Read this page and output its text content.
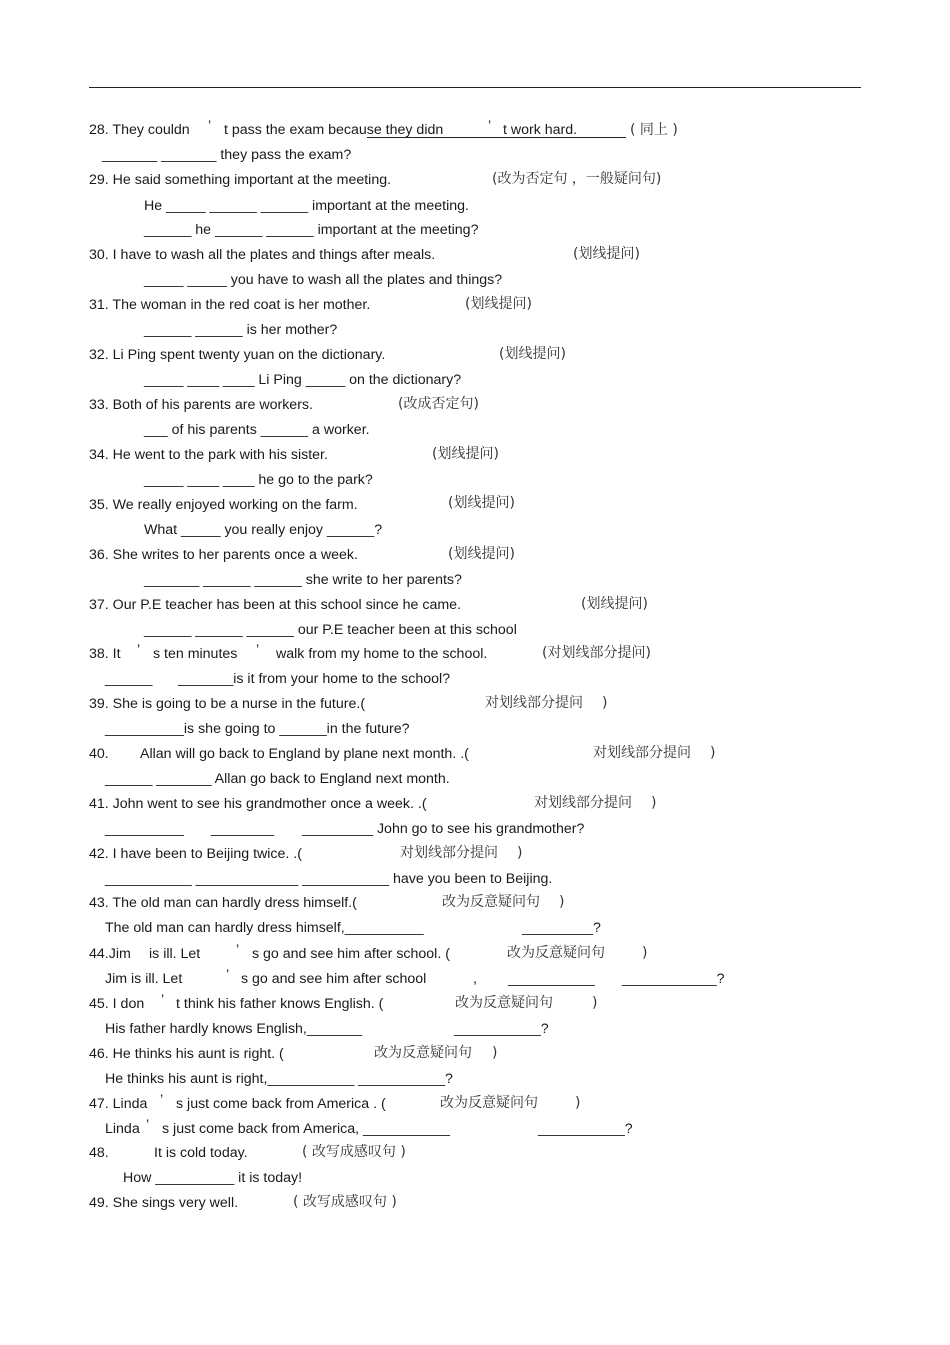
28. They couldn ’ t pass the exam because they didn	’ t work hard.	( 同上 )
_______ _______ they pass the exam?
29. He said something important at the meeting.	(改为否定句 ，一般疑问句)
He _____ ______ ______ important at the meeting.
______ he ______ ______ important at the meeting?
30. I have to wash all the plates and things after meals.	(划线提问)
_____ _____ you have to wash all the plates and things?
31. The woman in the red coat is her mother.	(划线提问)
______ ______ is her mother?
32. Li Ping spent twenty yuan on the dictionary.	(划线提问)
_____ ____ ____ Li Ping _____ on the dictionary?
33. Both of his parents are workers.	(改成否定句)
___ of his parents ______ a worker.
34. He went to the park with his sister.	(划线提问)
_____ ____ ____ he go to the park?
35. We really enjoyed working on the farm.	(划线提问)
What _____ you really enjoy ______?
36. She writes to her parents once a week.	(划线提问)
_______ ______ ______ she write to her parents?
37. Our P.E teacher has been at this school since he came.	(划线提问)
______ ______ ______ our P.E teacher been at this school
38. It ’ s ten minutes ’ walk from my home to the school.	(对划线部分提问)
______ _______is it from your home to the school?
39. She is going to be a nurse in the future.(	对划线部分提问 )
__________is she going to ______in the future?
40. Allan will go back to England by plane next month. .(	对划线部分提问 )
______ _______ Allan go back to England next month.
41. John went to see his grandmother once a week. .(	对划线部分提问 )
__________ ________ _________ John go to see his grandmother?
42. I have been to Beijing twice. .(	对划线部分提问 )
___________ _____________ ___________ have you been to Beijing.
43. The old man can hardly dress himself.(	改为反意疑问句 )
The old man can hardly dress himself,__________	_________?
44.Jim is ill. Let	’ s go and see him after school. (	改为反意疑问句	)
Jim is ill. Let	’ s go and see him after school	, ___________ ____________?
45. I don ’ t think his father knows English. (	改为反意疑问句	)
His father hardly knows English,_______	___________?
46. He thinks his aunt is right. (	改为反意疑问句 )
He thinks his aunt is right,___________ ___________?
47. Linda ’ s just come back from America . (	改为反意疑问句	)
Linda ’ s just come back from America, ___________	___________?
48.	It is cold today.	( 改写成感叹句 )
How __________ it is today!
49. She sings very well.	( 改写成感叹句 )
